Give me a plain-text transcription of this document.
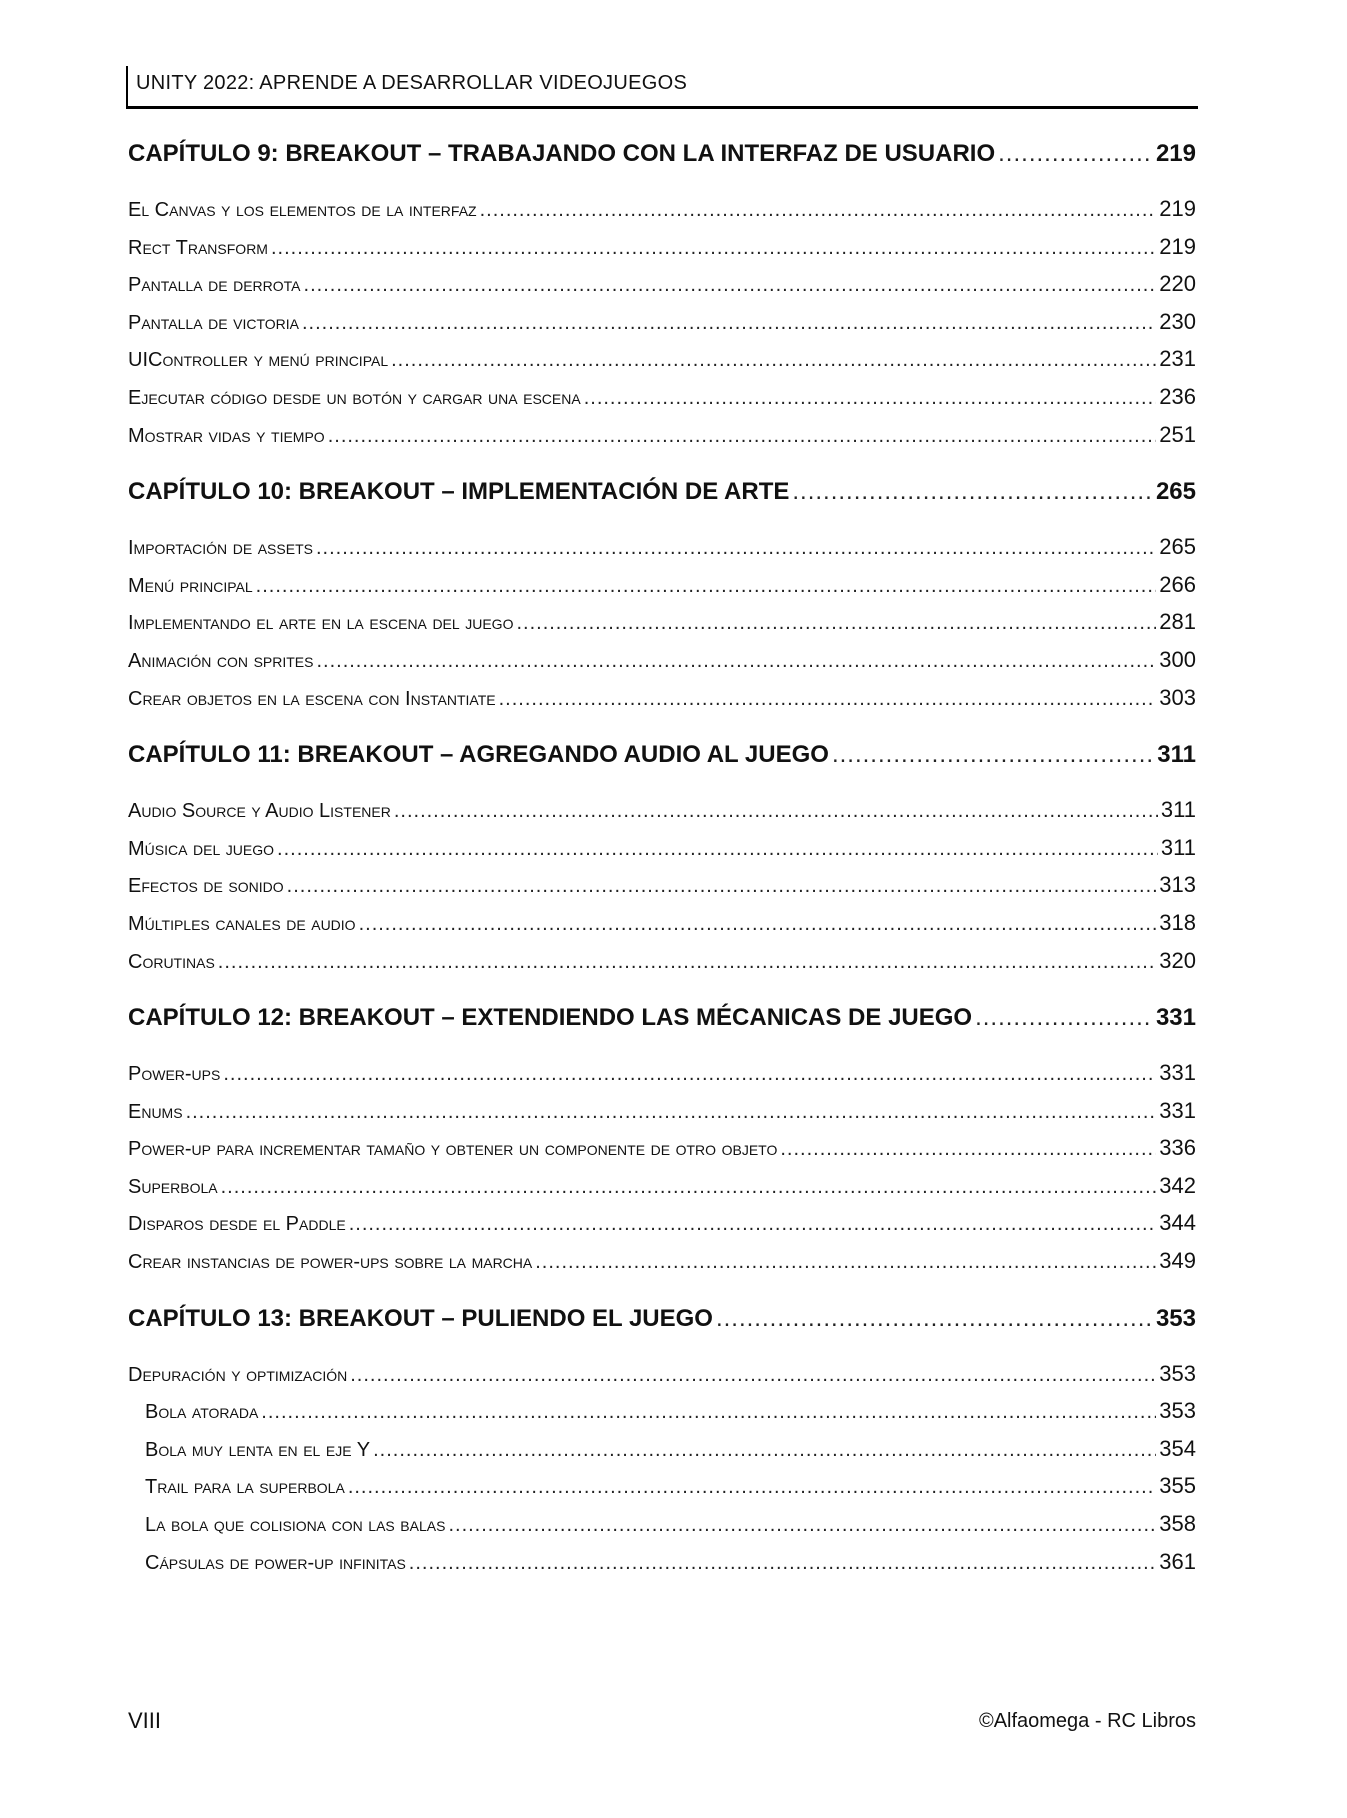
UNITY 2022: APRENDE A DESARROLLAR VIDEOJUEGOS
CAPÍTULO 9: BREAKOUT – TRABAJANDO CON LA INTERFAZ DE USUARIO .....	219
El Canvas y los elementos de la interfaz .....	219
Rect Transform .....	219
Pantalla de derrota .....	220
Pantalla de victoria .....	230
UIController y menú principal .....	231
Ejecutar código desde un botón y cargar una escena .....	236
Mostrar vidas y tiempo .....	251
CAPÍTULO 10: BREAKOUT – IMPLEMENTACIÓN DE ARTE .....	265
Importación de assets .....	265
Menú principal .....	266
Implementando el arte en la escena del juego .....	281
Animación con sprites .....	300
Crear objetos en la escena con Instantiate .....	303
CAPÍTULO 11: BREAKOUT – AGREGANDO AUDIO AL JUEGO .....	311
Audio Source y Audio Listener .....	311
Música del juego .....	311
Efectos de sonido .....	313
Múltiples canales de audio .....	318
Corutinas .....	320
CAPÍTULO 12: BREAKOUT – EXTENDIENDO LAS MÉCANICAS DE JUEGO .....	331
Power-ups .....	331
Enums .....	331
Power-up para incrementar tamaño y obtener un componente de otro objeto .....	336
Superbola .....	342
Disparos desde el Paddle .....	344
Crear instancias de power-ups sobre la marcha .....	349
CAPÍTULO 13: BREAKOUT – PULIENDO EL JUEGO .....	353
Depuración y optimización .....	353
Bola atorada .....	353
Bola muy lenta en el eje Y .....	354
Trail para la superbola .....	355
La bola que colisiona con las balas .....	358
Cápsulas de power-up infinitas .....	361
VIII	©Alfaomega - RC Libros
